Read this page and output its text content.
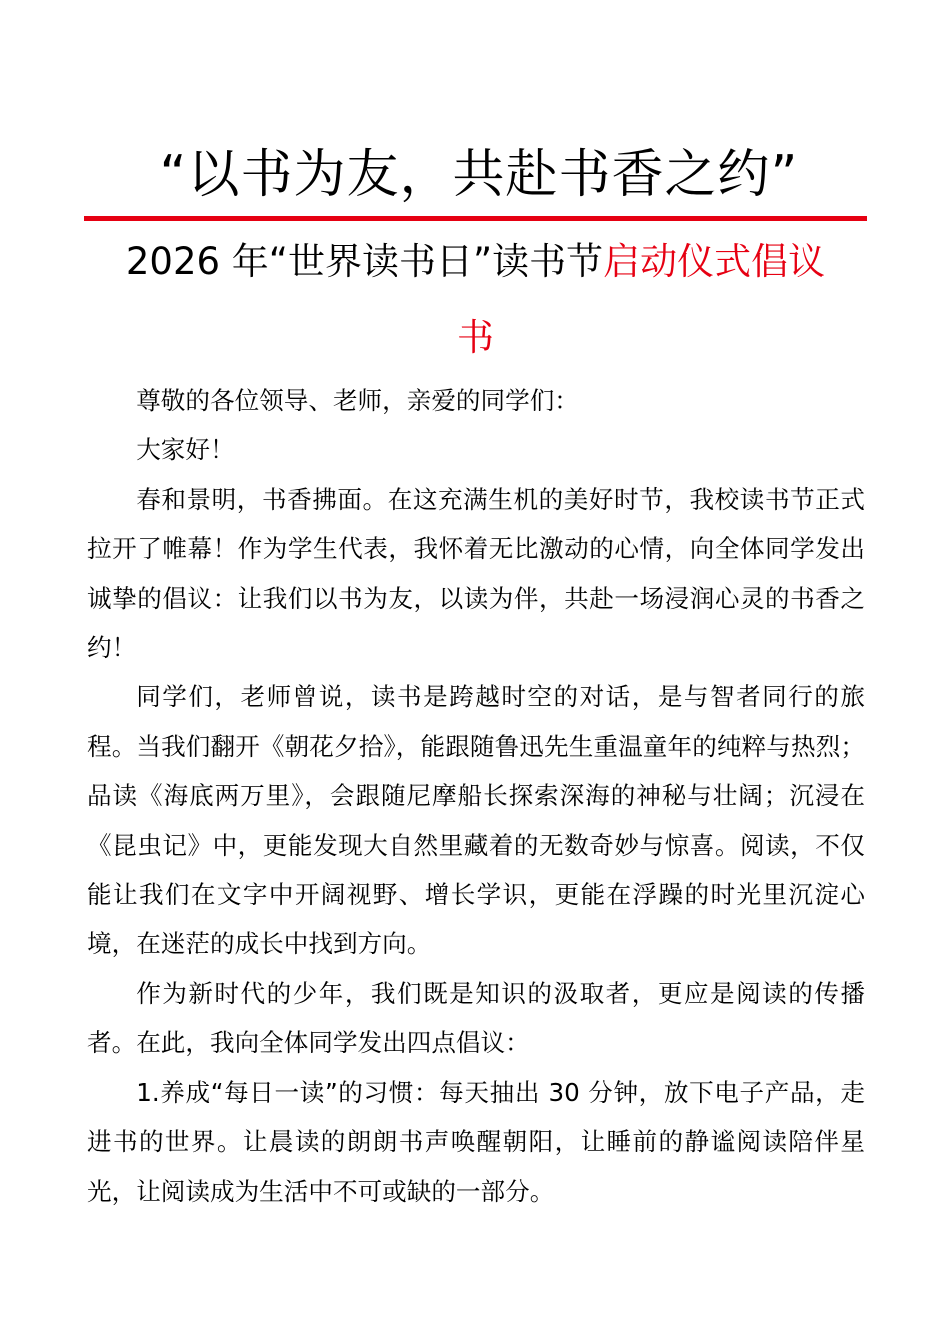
“以书为友，共赴书香之约”
2026 年“世界读书日”读书节启动仪式倡议
书

尊敬的各位领导、老师，亲爱的同学们：

大家好！

春和景明，书香拂面。在这充满生机的美好时节，我校读书节正式拉开了帷幕！作为学生代表，我怀着无比激动的心情，向全体同学发出诚挚的倡议：让我们以书为友，以读为伴，共赴一场浸润心灵的书香之约！

同学们，老师曾说，读书是跨越时空的对话，是与智者同行的旅程。当我们翻开《朝花夕拾》，能跟随鲁迅先生重温童年的纯粹与热烈；品读《海底两万里》，会跟随尼摩船长探索深海的神秘与壮阔；沉浸在《昆虫记》中，更能发现大自然里藏着的无数奇妙与惊喜。阅读，不仅能让我们在文字中开阔视野、增长学识，更能在浮躁的时光里沉淀心境，在迷茫的成长中找到方向。

作为新时代的少年，我们既是知识的汲取者，更应是阅读的传播者。在此，我向全体同学发出四点倡议：

1.养成“每日一读”的习惯：每天抽出 30 分钟，放下电子产品，走进书的世界。让晨读的朗朗书声唤醒朝阳，让睡前的静谧阅读陪伴星光，让阅读成为生活中不可或缺的一部分。
